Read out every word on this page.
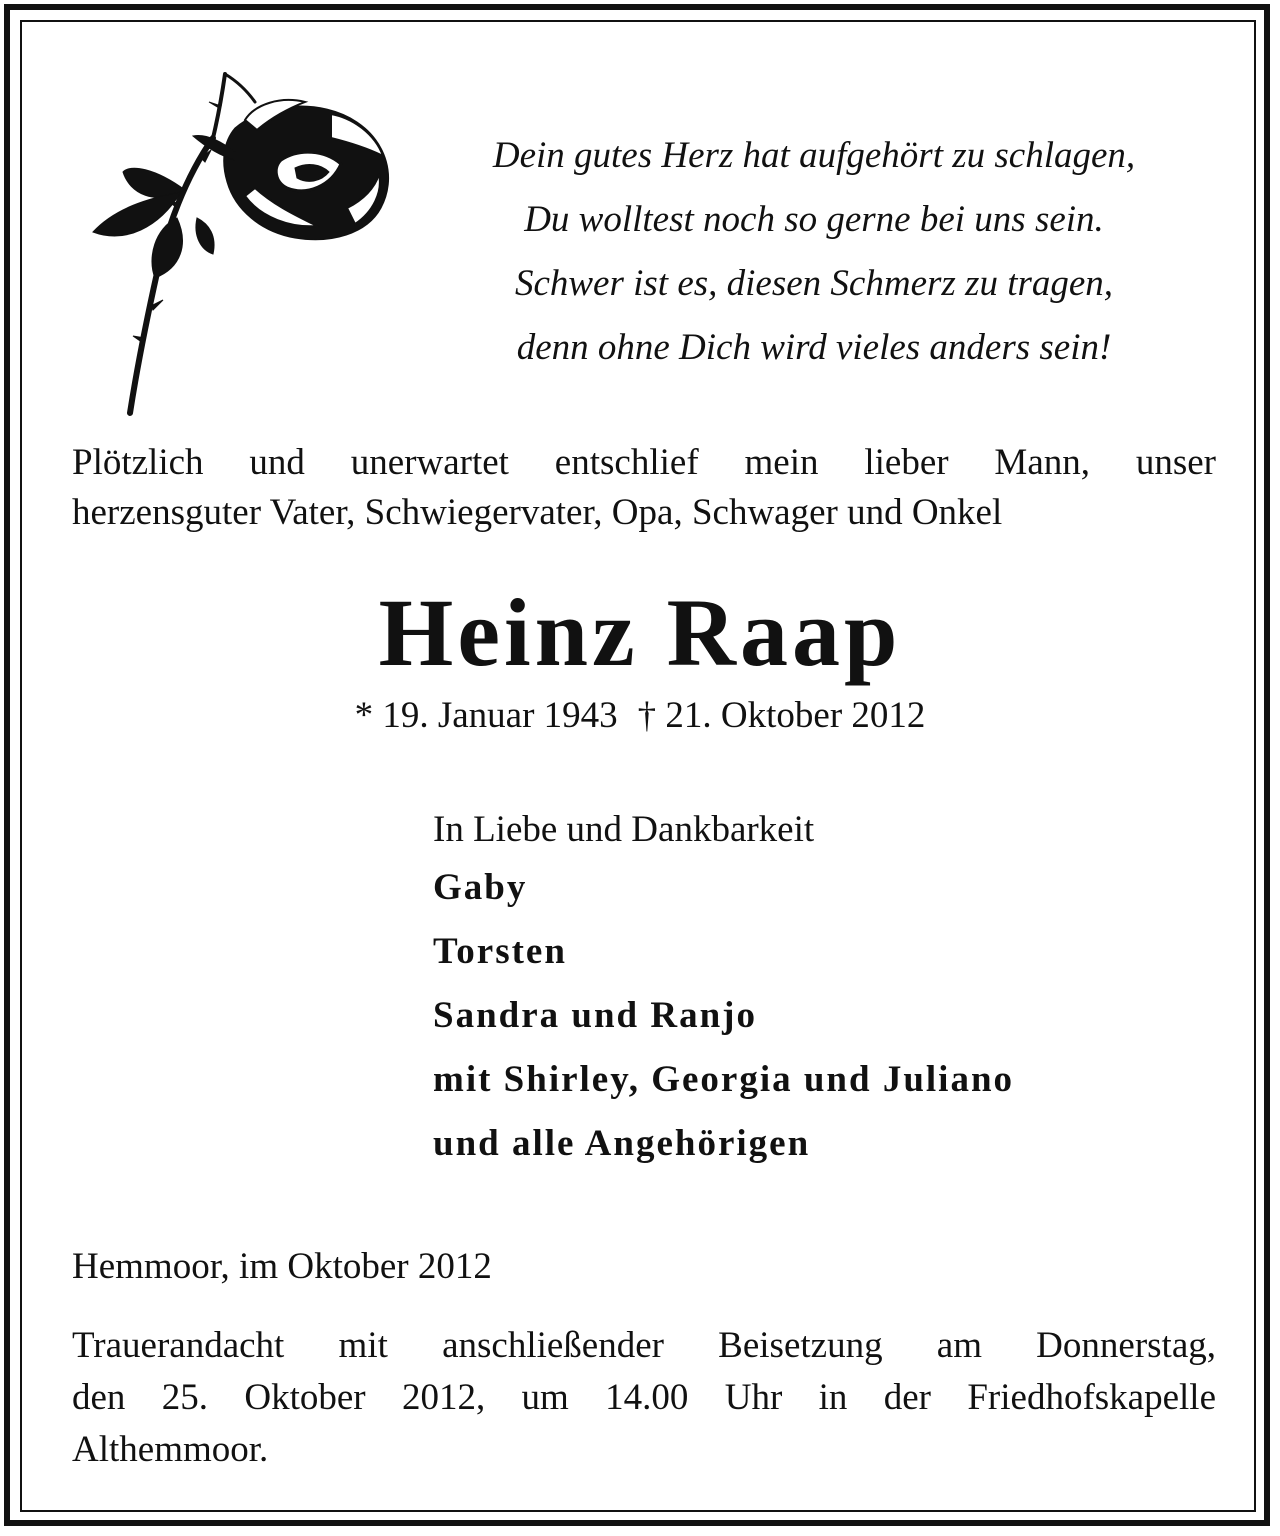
Dein gutes Herz hat aufgehört zu schlagen,
Du wolltest noch so gerne bei uns sein.
Schwer ist es, diesen Schmerz zu tragen,
denn ohne Dich wird vieles anders sein!
Plötzlich und unerwartet entschlief mein lieber Mann, unser
herzensguter Vater, Schwiegervater, Opa, Schwager und Onkel
Heinz Raap
* 19. Januar 1943 † 21. Oktober 2012
In Liebe und Dankbarkeit
Gaby
Torsten
Sandra und Ranjo
mit Shirley, Georgia und Juliano
und alle Angehörigen
Hemmoor, im Oktober 2012
Trauerandacht mit anschließender Beisetzung am Donnerstag,
den 25. Oktober 2012, um 14.00 Uhr in der Friedhofskapelle
Althemmoor.
